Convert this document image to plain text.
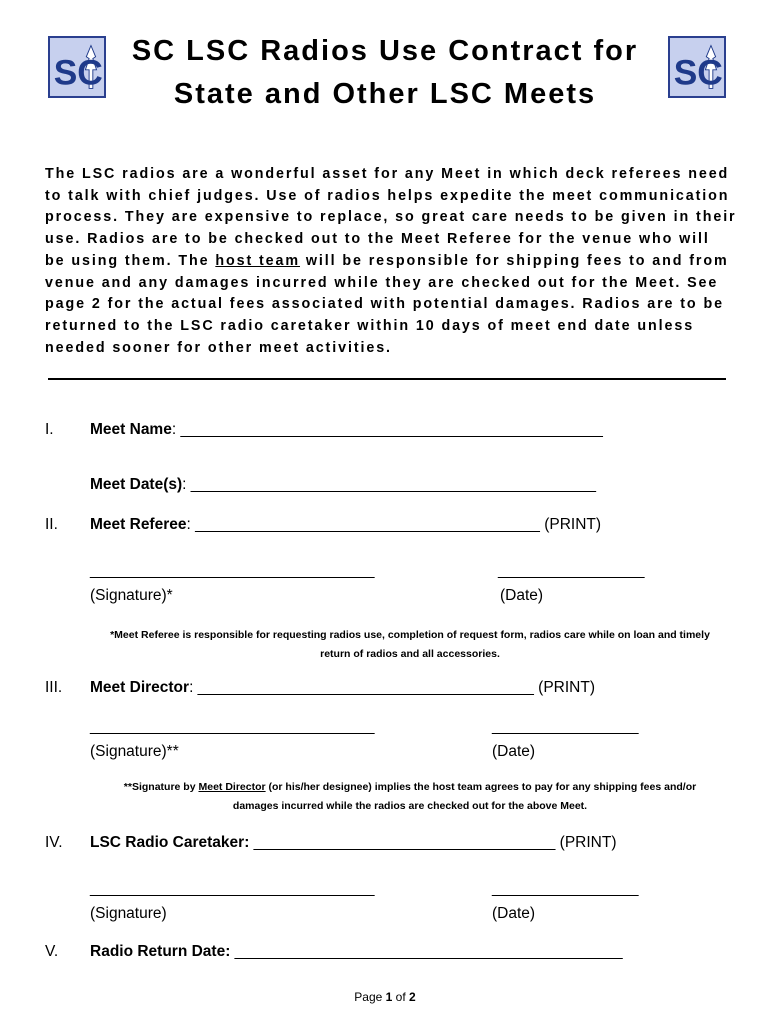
SC	SC
SC LSC Radios Use Contract for
State and Other LSC Meets

The LSC radios are a wonderful asset for any Meet in which deck referees need
to talk with chief judges. Use of radios helps expedite the meet communication
process. They are expensive to replace, so great care needs to be given in their
use. Radios are to be checked out to the Meet Referee for the venue who will
be using them. The host team will be responsible for shipping fees to and from
venue and any damages incurred while they are checked out for the Meet. See
page 2 for the actual fees associated with potential damages. Radios are to be
returned to the LSC radio caretaker within 10 days of meet end date unless
needed sooner for other meet activities.

I. Meet Name: _________________________________________________
Meet Date(s): _______________________________________________
II. Meet Referee: ________________________________________ (PRINT)
_________________________________	_________________
(Signature)*	(Date)

*Meet Referee is responsible for requesting radios use, completion of request form, radios care while on loan and timely
return of radios and all accessories.

III. Meet Director: _______________________________________ (PRINT)
_________________________________	_________________
(Signature)**	(Date)

**Signature by Meet Director (or his/her designee) implies the host team agrees to pay for any shipping fees and/or
damages incurred while the radios are checked out for the above Meet.

IV. LSC Radio Caretaker: ___________________________________ (PRINT)
_________________________________	_________________
(Signature)	(Date)
V. Radio Return Date: _____________________________________________
Page 1 of 2
